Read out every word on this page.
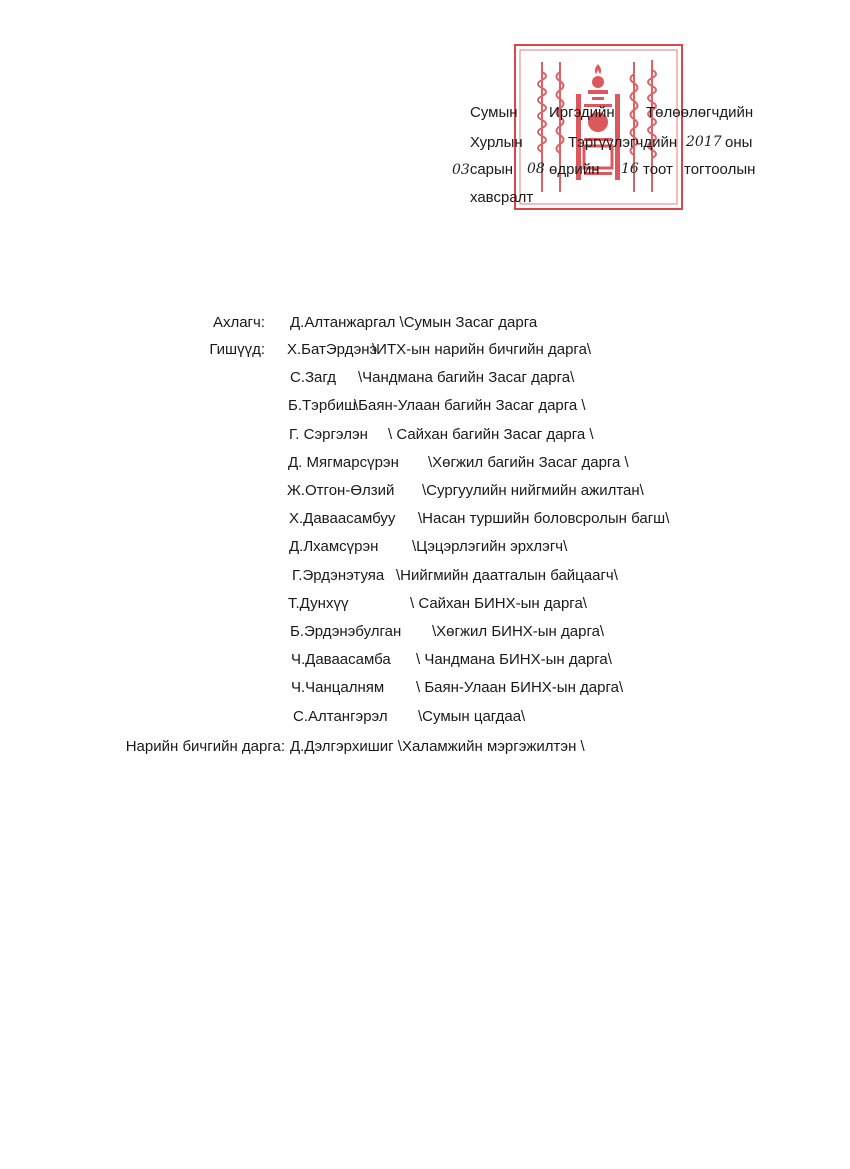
Сумын Иргэдийн Төлөөлөгчдийн
Хурлын	Тэргүүлэгчдийн 2017 оны
03сарын 08 өдрийн 16 тоот тогтоолын
хавсралт
Ахлагч: Д.Алтанжаргал \Сумын Засаг дарга
Гишүүд: Х.БатЭрдэнэ
\ИТХ-ын нарийн бичгийн дарга\
С.Загд \Чандмана багийн Засаг дарга\
Б.Тэрбиш
\Баян-Улаан багийн Засаг дарга \
Г. Сэргэлэн \ Сайхан багийн Засаг дарга \
Д. Мягмарсүрэн \Хөгжил багийн Засаг дарга \
Ж.Отгон-Өлзий \Сургуулийн нийгмийн ажилтан\
Х.Даваасамбуу \Насан туршийн боловсролын багш\
Д.Лхамсүрэн \Цэцэрлэгийн эрхлэгч\
Г.Эрдэнэтуяа \Нийгмийн даатгалын байцаагч\
Т.Дунхүү	\ Сайхан БИНХ-ын дарга\
Б.Эрдэнэбулган \Хөгжил БИНХ-ын дарга\
Ч.Даваасамба \ Чандмана БИНХ-ын дарга\
Ч.Чанцалням \ Баян-Улаан БИНХ-ын дарга\
С.Алтангэрэл \Сумын цагдаа\
Нарийн бичгийн дарга: Д.Дэлгэрхишиг \Халамжийн мэргэжилтэн \
